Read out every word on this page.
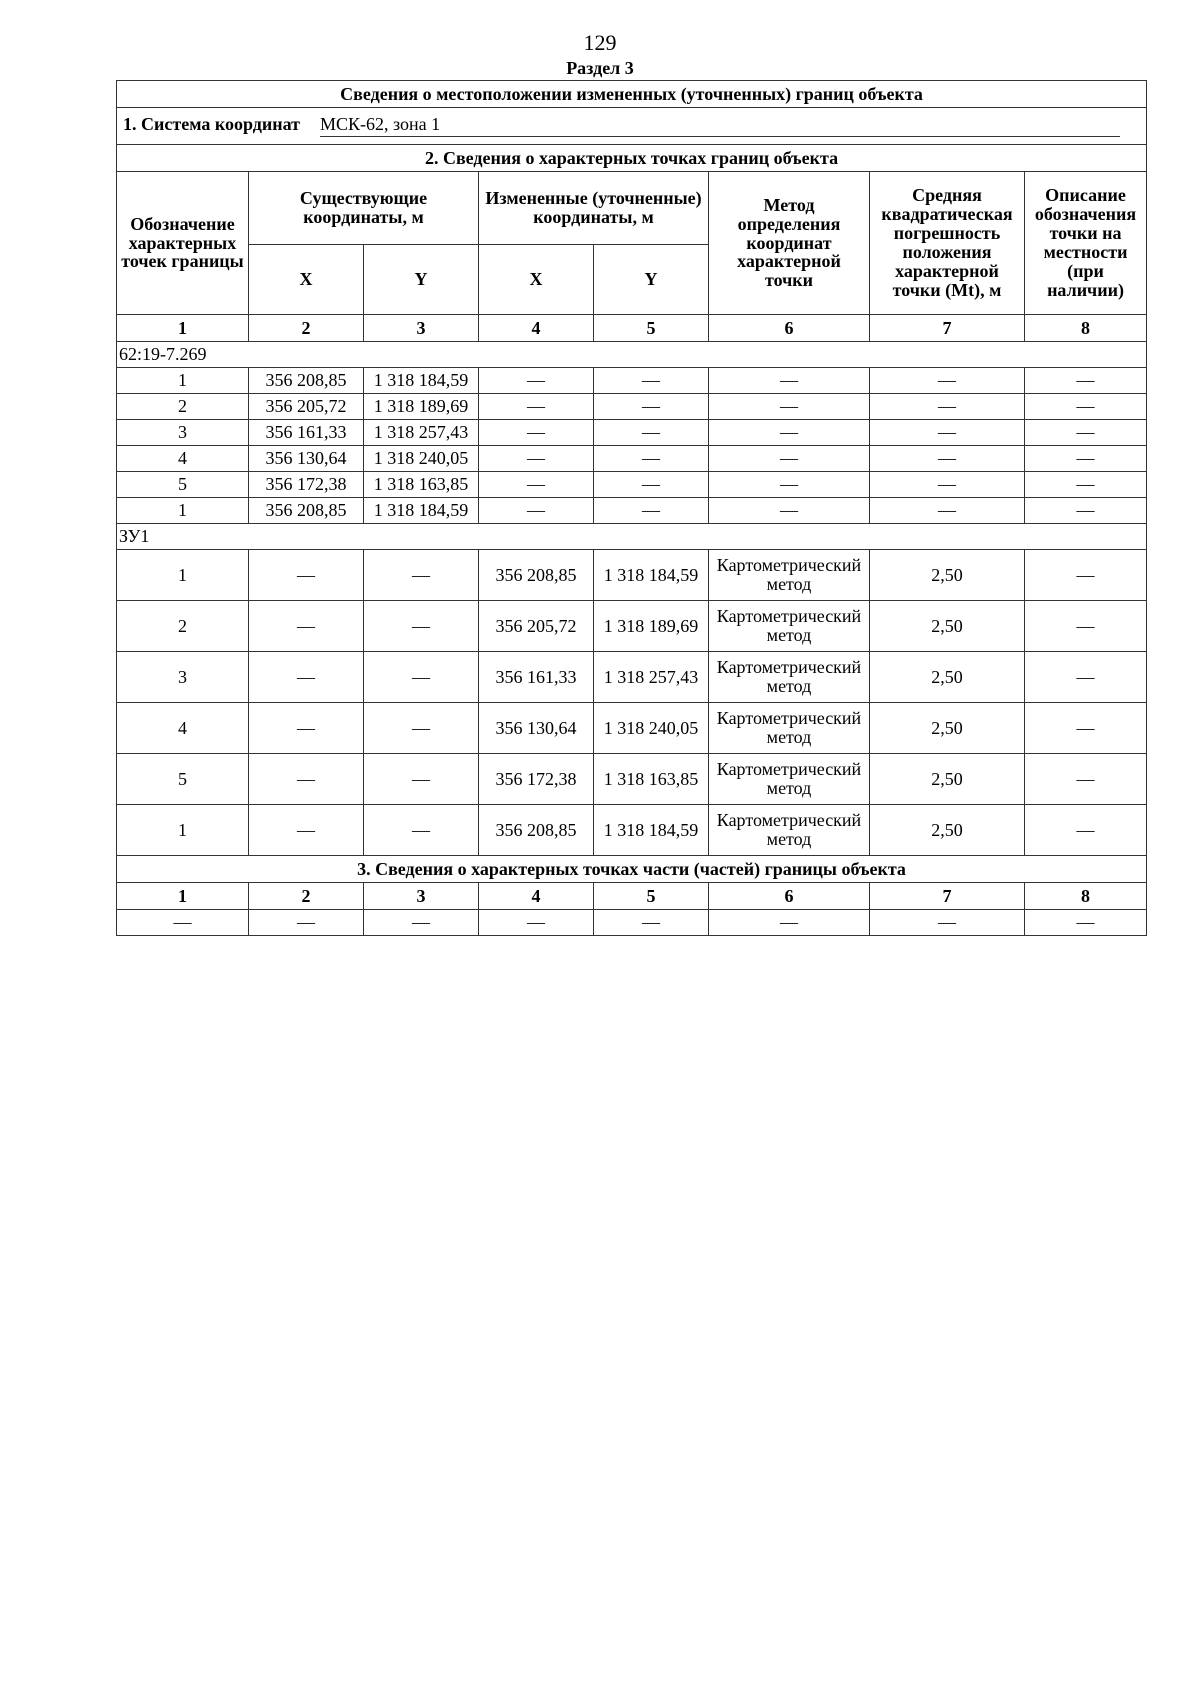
129
Раздел 3
Сведения о местоположении измененных (уточненных) границ объекта							
1. Система координат МСК-62, зона 1							
2. Сведения о характерных точках границ объекта							
Обозначение характерных точек границы	Существующие координаты, м		Измененные (уточненные) координаты, м		Метод определения координат характерной точки	Средняя квадратическая погрешность положения характерной точки (Mt), м	Описание обозначения точки на местности (при наличии)
	X	Y	X	Y			
1	2	3	4	5	6	7	8
62:19-7.269							
1	356 208,85	1 318 184,59	—	—	—	—	—
2	356 205,72	1 318 189,69	—	—	—	—	—
3	356 161,33	1 318 257,43	—	—	—	—	—
4	356 130,64	1 318 240,05	—	—	—	—	—
5	356 172,38	1 318 163,85	—	—	—	—	—
1	356 208,85	1 318 184,59	—	—	—	—	—
ЗУ1							
1	—	—	356 208,85	1 318 184,59	Картометрический метод	2,50	—
2	—	—	356 205,72	1 318 189,69	Картометрический метод	2,50	—
3	—	—	356 161,33	1 318 257,43	Картометрический метод	2,50	—
4	—	—	356 130,64	1 318 240,05	Картометрический метод	2,50	—
5	—	—	356 172,38	1 318 163,85	Картометрический метод	2,50	—
1	—	—	356 208,85	1 318 184,59	Картометрический метод	2,50	—
3. Сведения о характерных точках части (частей) границы объекта							
1	2	3	4	5	6	7	8
—	—	—	—	—	—	—	—
